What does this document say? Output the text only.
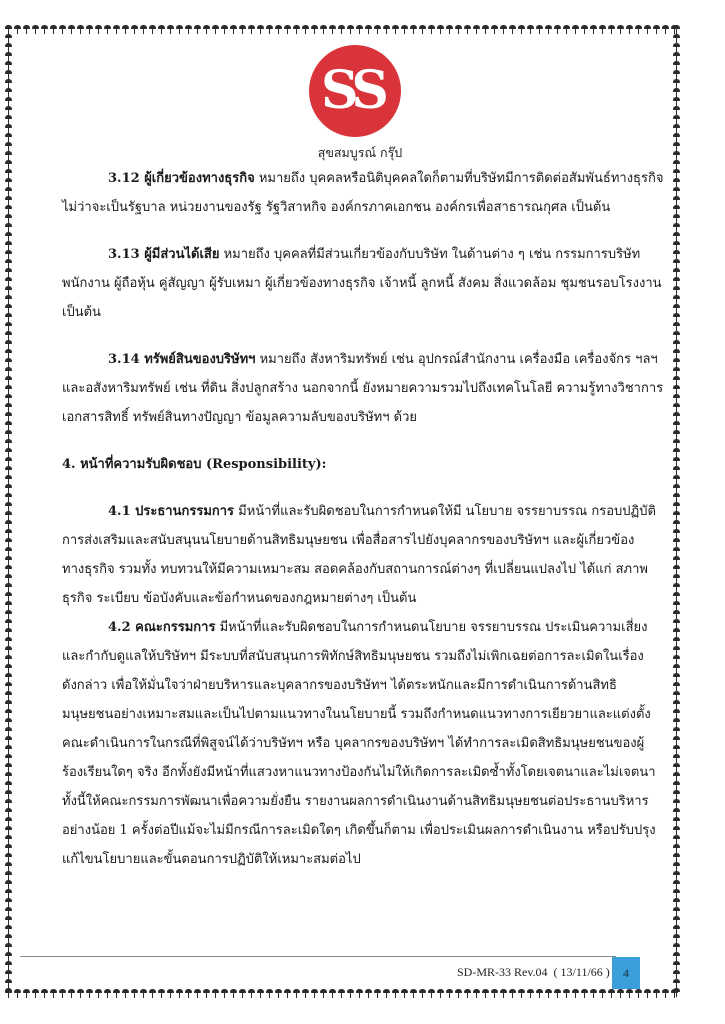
SS
สุขสมบูรณ์ กรุ๊ป

3.12 ผู้เกี่ยวข้องทางธุรกิจ หมายถึง บุคคลหรือนิติบุคคลใดก็ตามที่บริษัทมีการติดต่อสัมพันธ์ทางธุรกิจ
ไม่ว่าจะเป็นรัฐบาล หน่วยงานของรัฐ รัฐวิสาหกิจ องค์กรภาคเอกชน องค์กรเพื่อสาธารณกุศล เป็นต้น

3.13 ผู้มีส่วนได้เสีย หมายถึง บุคคลที่มีส่วนเกี่ยวข้องกับบริษัท ในด้านต่าง ๆ เช่น กรรมการบริษัท
พนักงาน ผู้ถือหุ้น คู่สัญญา ผู้รับเหมา ผู้เกี่ยวข้องทางธุรกิจ เจ้าหนี้ ลูกหนี้ สังคม สิ่งแวดล้อม ชุมชนรอบโรงงาน
เป็นต้น

3.14 ทรัพย์สินของบริษัทฯ หมายถึง สังหาริมทรัพย์ เช่น อุปกรณ์สำนักงาน เครื่องมือ เครื่องจักร ฯลฯ
และอสังหาริมทรัพย์ เช่น ที่ดิน สิ่งปลูกสร้าง นอกจากนี้ ยังหมายความรวมไปถึงเทคโนโลยี ความรู้ทางวิชาการ
เอกสารสิทธิ์ ทรัพย์สินทางปัญญา ข้อมูลความลับของบริษัทฯ ด้วย

4. หน้าที่ความรับผิดชอบ (Responsibility):

4.1 ประธานกรรมการ มีหน้าที่และรับผิดชอบในการกำหนดให้มี นโยบาย จรรยาบรรณ กรอบปฏิบัติ
การส่งเสริมและสนับสนุนนโยบายด้านสิทธิมนุษยชน เพื่อสื่อสารไปยังบุคลากรของบริษัทฯ และผู้เกี่ยวข้อง
ทางธุรกิจ รวมทั้ง ทบทวนให้มีความเหมาะสม สอดคล้องกับสถานการณ์ต่างๆ ที่เปลี่ยนแปลงไป ได้แก่ สภาพ
ธุรกิจ ระเบียบ ข้อบังคับและข้อกำหนดของกฎหมายต่างๆ เป็นต้น

4.2 คณะกรรมการ มีหน้าที่และรับผิดชอบในการกำหนดนโยบาย จรรยาบรรณ ประเมินความเสี่ยง
และกำกับดูแลให้บริษัทฯ มีระบบที่สนับสนุนการพิทักษ์สิทธิมนุษยชน รวมถึงไม่เพิกเฉยต่อการละเมิดในเรื่อง
ดังกล่าว เพื่อให้มั่นใจว่าฝ่ายบริหารและบุคลากรของบริษัทฯ ได้ตระหนักและมีการดำเนินการด้านสิทธิ
มนุษยชนอย่างเหมาะสมและเป็นไปตามแนวทางในนโยบายนี้ รวมถึงกำหนดแนวทางการเยียวยาและแต่งตั้ง
คณะดำเนินการในกรณีที่พิสูจน์ได้ว่าบริษัทฯ หรือ บุคลากรของบริษัทฯ ได้ทำการละเมิดสิทธิมนุษยชนของผู้
ร้องเรียนใดๆ จริง อีกทั้งยังมีหน้าที่แสวงหาแนวทางป้องกันไม่ให้เกิดการละเมิดซ้ำทั้งโดยเจตนาและไม่เจตนา
ทั้งนี้ให้คณะกรรมการพัฒนาเพื่อความยั่งยืน รายงานผลการดำเนินงานด้านสิทธิมนุษยชนต่อประธานบริหาร
อย่างน้อย 1 ครั้งต่อปีแม้จะไม่มีกรณีการละเมิดใดๆ เกิดขึ้นก็ตาม เพื่อประเมินผลการดำเนินงาน หรือปรับปรุง
แก้ไขนโยบายและขั้นตอนการปฏิบัติให้เหมาะสมต่อไป

SD-MR-33 Rev.04  ( 13/11/66 )	4
